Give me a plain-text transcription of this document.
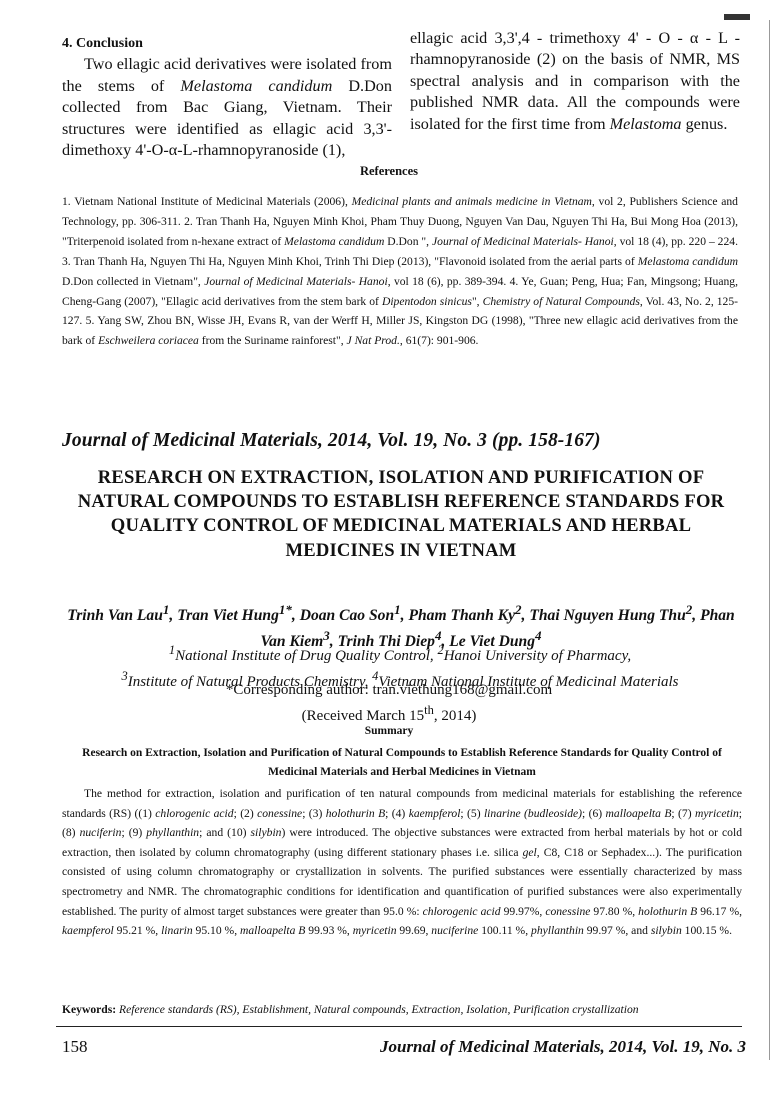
4. Conclusion

Two ellagic acid derivatives were isolated from the stems of Melastoma candidum D.Don collected from Bac Giang, Vietnam. Their structures were identified as ellagic acid 3,3'- dimethoxy 4'-O-α-L-rhamnopyranoside (1),

ellagic acid 3,3',4 - trimethoxy 4' - O - α - L - rhamnopyranoside (2) on the basis of NMR, MS spectral analysis and in comparison with the published NMR data. All the compounds were isolated for the first time from Melastoma genus.

References
1. Vietnam National Institute of Medicinal Materials (2006), Medicinal plants and animals medicine in Vietnam, vol 2, Publishers Science and Technology, pp. 306-311. 2. Tran Thanh Ha, Nguyen Minh Khoi, Pham Thuy Duong, Nguyen Van Dau, Nguyen Thi Ha, Bui Mong Hoa (2013), "Triterpenoid isolated from n-hexane extract of Melastoma candidum D.Don ", Journal of Medicinal Materials- Hanoi, vol 18 (4), pp. 220 – 224. 3. Tran Thanh Ha, Nguyen Thi Ha, Nguyen Minh Khoi, Trinh Thi Diep (2013), "Flavonoid isolated from the aerial parts of Melastoma candidum D.Don collected in Vietnam", Journal of Medicinal Materials- Hanoi, vol 18 (6), pp. 389-394. 4. Ye, Guan; Peng, Hua; Fan, Mingsong; Huang, Cheng-Gang (2007), "Ellagic acid derivatives from the stem bark of Dipentodon sinicus", Chemistry of Natural Compounds, Vol. 43, No. 2, 125-127. 5. Yang SW, Zhou BN, Wisse JH, Evans R, van der Werff H, Miller JS, Kingston DG (1998), "Three new ellagic acid derivatives from the bark of Eschweilera coriacea from the Suriname rainforest", J Nat Prod., 61(7): 901-906.
Journal of Medicinal Materials, 2014, Vol. 19, No. 3 (pp. 158-167)
RESEARCH ON EXTRACTION, ISOLATION AND PURIFICATION OF NATURAL COMPOUNDS TO ESTABLISH REFERENCE STANDARDS FOR QUALITY CONTROL OF MEDICINAL MATERIALS AND HERBAL MEDICINES IN VIETNAM
Trinh Van Lau$^1$, Tran Viet Hung$^{1*}$, Doan Cao Son$^1$, Pham Thanh Ky$^2$, Thai Nguyen Hung Thu$^2$, Phan Van Kiem$^3$, Trinh Thi Diep$^4$, Le Viet Dung$^4$
$^1$National Institute of Drug Quality Control, $^2$Hanoi University of Pharmacy,
$^3$Institute of Natural Products Chemistry, $^4$Vietnam National Institute of Medicinal Materials
*Corresponding author: tran.viethung168@gmail.com
(Received March 15th, 2014)
Summary
Research on Extraction, Isolation and Purification of Natural Compounds to Establish Reference Standards for Quality Control of Medicinal Materials and Herbal Medicines in Vietnam
The method for extraction, isolation and purification of ten natural compounds from medicinal materials for establishing the reference standards (RS) ((1) chlorogenic acid; (2) conessine; (3) holothurin B; (4) kaempferol; (5) linarine (budleoside); (6) malloapelta B; (7) myricetin; (8) nuciferin; (9) phyllanthin; and (10) silybin) were introduced. The objective substances were extracted from herbal materials by hot or cold extraction, then isolated by column chromatography (using different stationary phases i.e. silica gel, C8, C18 or Sephadex...). The purification consisted of using column chromatography or crystallization in solvents. The purified substances were essentially characterized by mass spectrometry and NMR. The chromatographic conditions for identification and quantification of purified substances were also experimentally established. The purity of almost target substances were greater than 95.0 %: chlorogenic acid 99.97%, conessine 97.80 %, holothurin B 96.17 %, kaempferol 95.21 %, linarin 95.10 %, malloapelta B 99.93 %, myricetin 99.69, nuciferine 100.11 %, phyllanthin 99.97 %, and silybin 100.15 %.
Keywords: Reference standards (RS), Establishment, Natural compounds, Extraction, Isolation, Purification crystallization
158	Journal of Medicinal Materials, 2014, Vol. 19, No. 3
